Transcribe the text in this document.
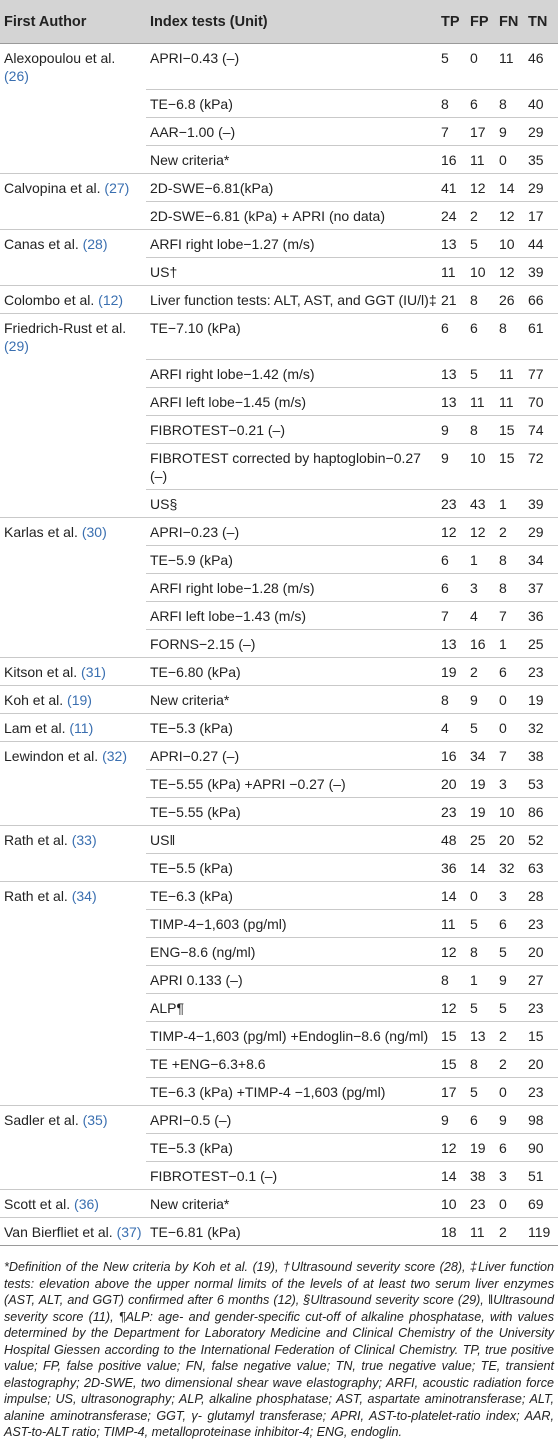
First Author	Index tests (Unit)	TP	FP	FN	TN
Alexopoulou et al. (26)	APRI−0.43 (–)	5	0	11	46
	TE−6.8 (kPa)	8	6	8	40
	AAR−1.00 (–)	7	17	9	29
	New criteria*	16	11	0	35
Calvopina et al. (27)	2D-SWE−6.81(kPa)	41	12	14	29
	2D-SWE−6.81 (kPa) + APRI (no data)	24	2	12	17
Canas et al. (28)	ARFI right lobe−1.27 (m/s)	13	5	10	44
	US†	11	10	12	39
Colombo et al. (12)	Liver function tests: ALT, AST, and GGT (IU/l)‡	21	8	26	66
Friedrich-Rust et al. (29)	TE−7.10 (kPa)	6	6	8	61
	ARFI right lobe−1.42 (m/s)	13	5	11	77
	ARFI left lobe−1.45 (m/s)	13	11	11	70
	FIBROTEST−0.21 (–)	9	8	15	74
	FIBROTEST corrected by haptoglobin−0.27 (–)	9	10	15	72
	US§	23	43	1	39
Karlas et al. (30)	APRI−0.23 (–)	12	12	2	29
	TE−5.9 (kPa)	6	1	8	34
	ARFI right lobe−1.28 (m/s)	6	3	8	37
	ARFI left lobe−1.43 (m/s)	7	4	7	36
	FORNS−2.15 (–)	13	16	1	25
Kitson et al. (31)	TE−6.80 (kPa)	19	2	6	23
Koh et al. (19)	New criteria*	8	9	0	19
Lam et al. (11)	TE−5.3 (kPa)	4	5	0	32
Lewindon et al. (32)	APRI−0.27 (–)	16	34	7	38
	TE−5.55 (kPa) +APRI −0.27 (–)	20	19	3	53
	TE−5.55 (kPa)	23	19	10	86
Rath et al. (33)	US‖	48	25	20	52
	TE−5.5 (kPa)	36	14	32	63
Rath et al. (34)	TE−6.3 (kPa)	14	0	3	28
	TIMP-4−1,603 (pg/ml)	11	5	6	23
	ENG−8.6 (ng/ml)	12	8	5	20
	APRI 0.133 (–)	8	1	9	27
	ALP¶	12	5	5	23
	TIMP-4−1,603 (pg/ml) +Endoglin−8.6 (ng/ml)	15	13	2	15
	TE +ENG−6.3+8.6	15	8	2	20
	TE−6.3 (kPa) +TIMP-4 −1,603 (pg/ml)	17	5	0	23
Sadler et al. (35)	APRI−0.5 (–)	9	6	9	98
	TE−5.3 (kPa)	12	19	6	90
	FIBROTEST−0.1 (–)	14	38	3	51
Scott et al. (36)	New criteria*	10	23	0	69
Van Bierfliet et al. (37)	TE−6.81 (kPa)	18	11	2	119
*Definition of the New criteria by Koh et al. (19), †Ultrasound severity score (28), ‡Liver function tests: elevation above the upper normal limits of the levels of at least two serum liver enzymes (AST, ALT, and GGT) confirmed after 6 months (12), §Ultrasound severity score (29), ‖Ultrasound severity score (11), ¶ALP: age- and gender-specific cut-off of alkaline phosphatase, with values determined by the Department for Laboratory Medicine and Clinical Chemistry of the University Hospital Giessen according to the International Federation of Clinical Chemistry. TP, true positive value; FP, false positive value; FN, false negative value; TN, true negative value; TE, transient elastography; 2D-SWE, two dimensional shear wave elastography; ARFI, acoustic radiation force impulse; US, ultrasonography; ALP, alkaline phosphatase; AST, aspartate aminotransferase; ALT, alanine aminotransferase; GGT, γ- glutamyl transferase; APRI, AST-to-platelet-ratio index; AAR, AST-to-ALT ratio; TIMP-4, metalloproteinase inhibitor-4; ENG, endoglin.
